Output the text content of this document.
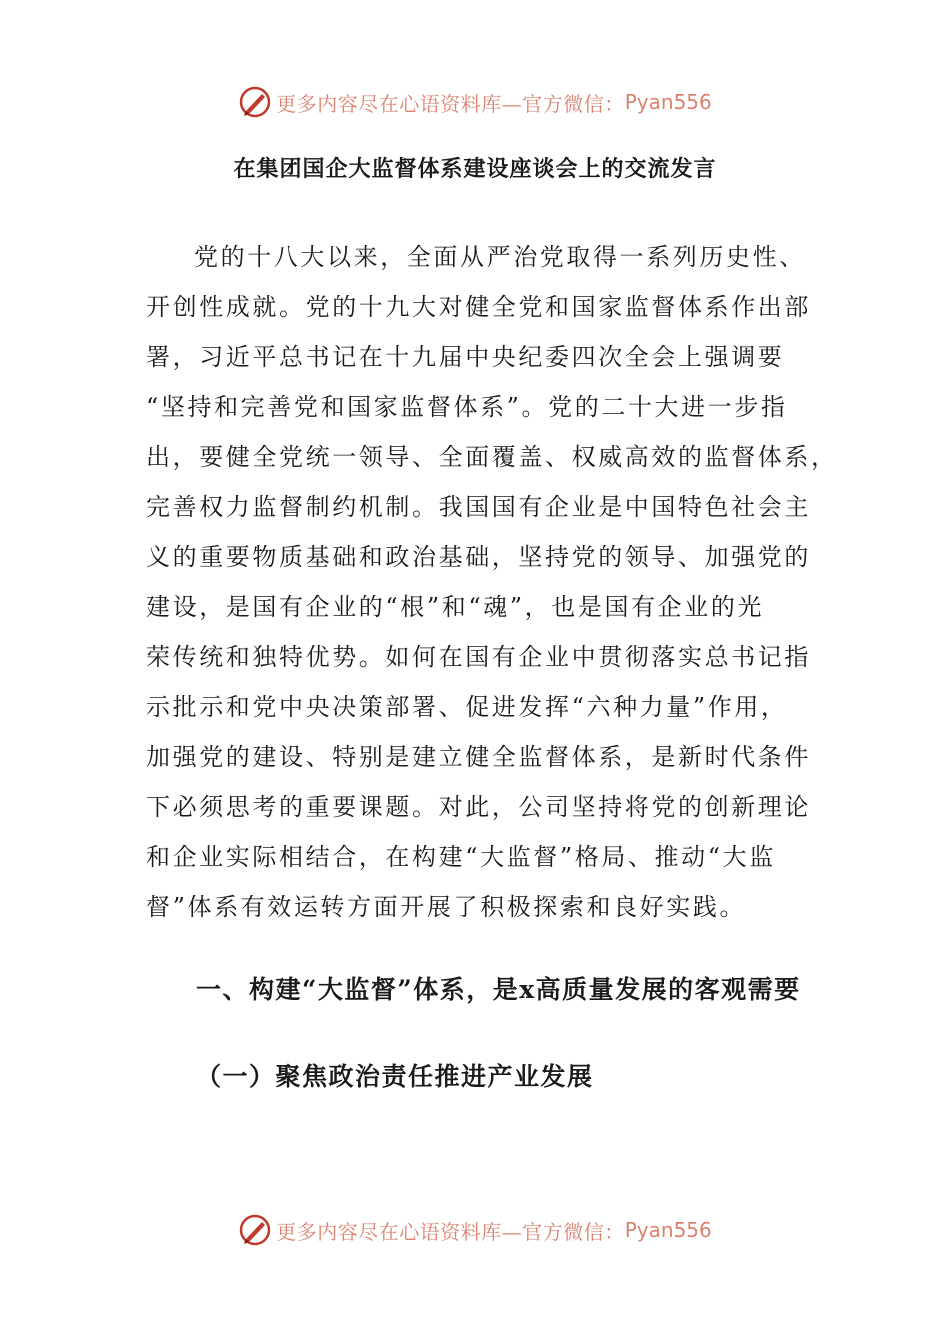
更多内容尽在心语资料库—官方微信： Pyan556
在集团国企大监督体系建设座谈会上的交流发言
党的十八大以来，全面从严治党取得一系列历史性、
开创性成就。党的十九大对健全党和国家监督体系作出部
署，习近平总书记在十九届中央纪委四次全会上强调要
“坚持和完善党和国家监督体系”。党的二十大进一步指
出，要健全党统一领导、全面覆盖、权威高效的监督体系，
完善权力监督制约机制。我国国有企业是中国特色社会主
义的重要物质基础和政治基础，坚持党的领导、加强党的
建设，是国有企业的“根”和“魂”，也是国有企业的光
荣传统和独特优势。如何在国有企业中贯彻落实总书记指
示批示和党中央决策部署、促进发挥“六种力量”作用，
加强党的建设、特别是建立健全监督体系，是新时代条件
下必须思考的重要课题。对此，公司坚持将党的创新理论
和企业实际相结合，在构建“大监督”格局、推动“大监
督”体系有效运转方面开展了积极探索和良好实践。
一、构建“大监督”体系，是x高质量发展的客观需要
（一）聚焦政治责任推进产业发展
更多内容尽在心语资料库—官方微信： Pyan556
